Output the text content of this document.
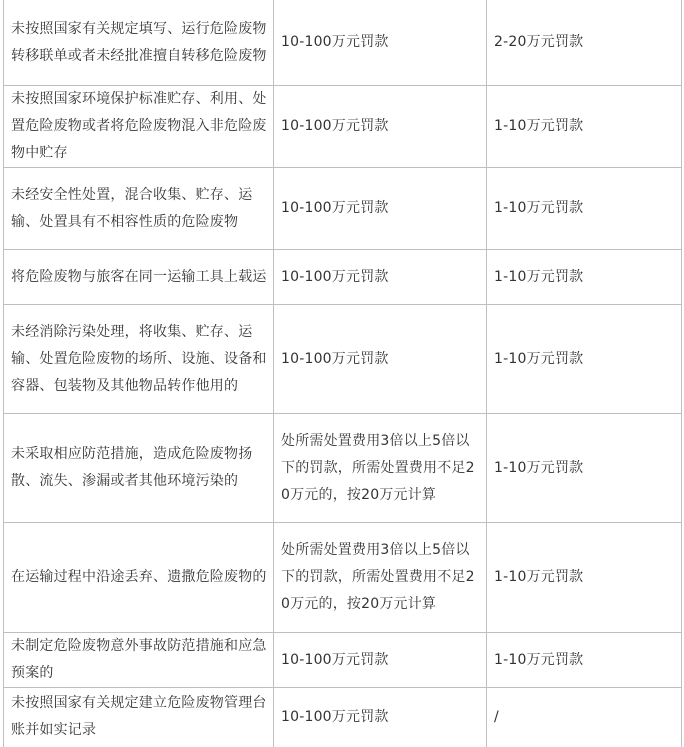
未按照国家有关规定填写、运行危险废物转移联单或者未经批准擅自转移危险废物	10-100万元罚款	2-20万元罚款
未按照国家环境保护标准贮存、利用、处置危险废物或者将危险废物混入非危险废物中贮存	10-100万元罚款	1-10万元罚款
未经安全性处置，混合收集、贮存、运输、处置具有不相容性质的危险废物	10-100万元罚款	1-10万元罚款
将危险废物与旅客在同一运输工具上载运	10-100万元罚款	1-10万元罚款
未经消除污染处理，将收集、贮存、运输、处置危险废物的场所、设施、设备和容器、包装物及其他物品转作他用的	10-100万元罚款	1-10万元罚款
未采取相应防范措施，造成危险废物扬散、流失、渗漏或者其他环境污染的	处所需处置费用3倍以上5倍以下的罚款，所需处置费用不足20万元的，按20万元计算	1-10万元罚款
在运输过程中沿途丢弃、遗撒危险废物的	处所需处置费用3倍以上5倍以下的罚款，所需处置费用不足20万元的，按20万元计算	1-10万元罚款
未制定危险废物意外事故防范措施和应急预案的	10-100万元罚款	1-10万元罚款
未按照国家有关规定建立危险废物管理台账并如实记录	10-100万元罚款	/
